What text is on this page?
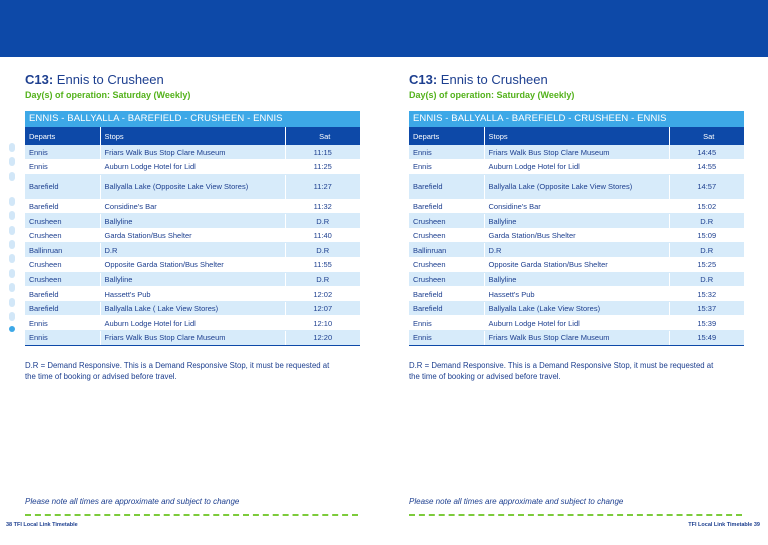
C13: Ennis to Crusheen
Day(s) of operation: Saturday (Weekly)
ENNIS - BALLYALLA - BAREFIELD - CRUSHEEN - ENNIS
Departs	Stops	Sat
Ennis	Friars Walk Bus Stop Clare Museum	11:15
Ennis	Auburn Lodge Hotel for Lidl	11:25
Barefield	Ballyalla Lake (Opposite Lake View Stores)	11:27
Barefield	Considine's Bar	11:32
Crusheen	Ballyline	D.R
Crusheen	Garda Station/Bus Shelter	11:40
Ballinruan	D.R	D.R
Crusheen	Opposite Garda Station/Bus Shelter	11:55
Crusheen	Ballyline	D.R
Barefield	Hassett's Pub	12:02
Barefield	Ballyalla Lake ( Lake View Stores)	12:07
Ennis	Auburn Lodge Hotel for Lidl	12:10
Ennis	Friars Walk Bus Stop Clare Museum	12:20
D.R = Demand Responsive. This is a Demand Responsive Stop, it must be requested at the time of booking or advised before travel.
C13: Ennis to Crusheen
Day(s) of operation: Saturday (Weekly)
ENNIS - BALLYALLA - BAREFIELD - CRUSHEEN - ENNIS
Departs	Stops	Sat
Ennis	Friars Walk Bus Stop Clare Museum	14:45
Ennis	Auburn Lodge Hotel for Lidl	14:55
Barefield	Ballyalla Lake (Opposite Lake View Stores)	14:57
Barefield	Considine's Bar	15:02
Crusheen	Ballyline	D.R
Crusheen	Garda Station/Bus Shelter	15:09
Ballinruan	D.R	D.R
Crusheen	Opposite Garda Station/Bus Shelter	15:25
Crusheen	Ballyline	D.R
Barefield	Hassett's Pub	15:32
Barefield	Ballyalla Lake (Lake View Stores)	15:37
Ennis	Auburn Lodge Hotel for Lidl	15:39
Ennis	Friars Walk Bus Stop Clare Museum	15:49
D.R = Demand Responsive. This is a Demand Responsive Stop, it must be requested at the time of booking or advised before travel.
Please note all times are approximate and subject to change	Please note all times are approximate and subject to change
38 TFI Local Link Timetable	TFI Local Link Timetable 39
